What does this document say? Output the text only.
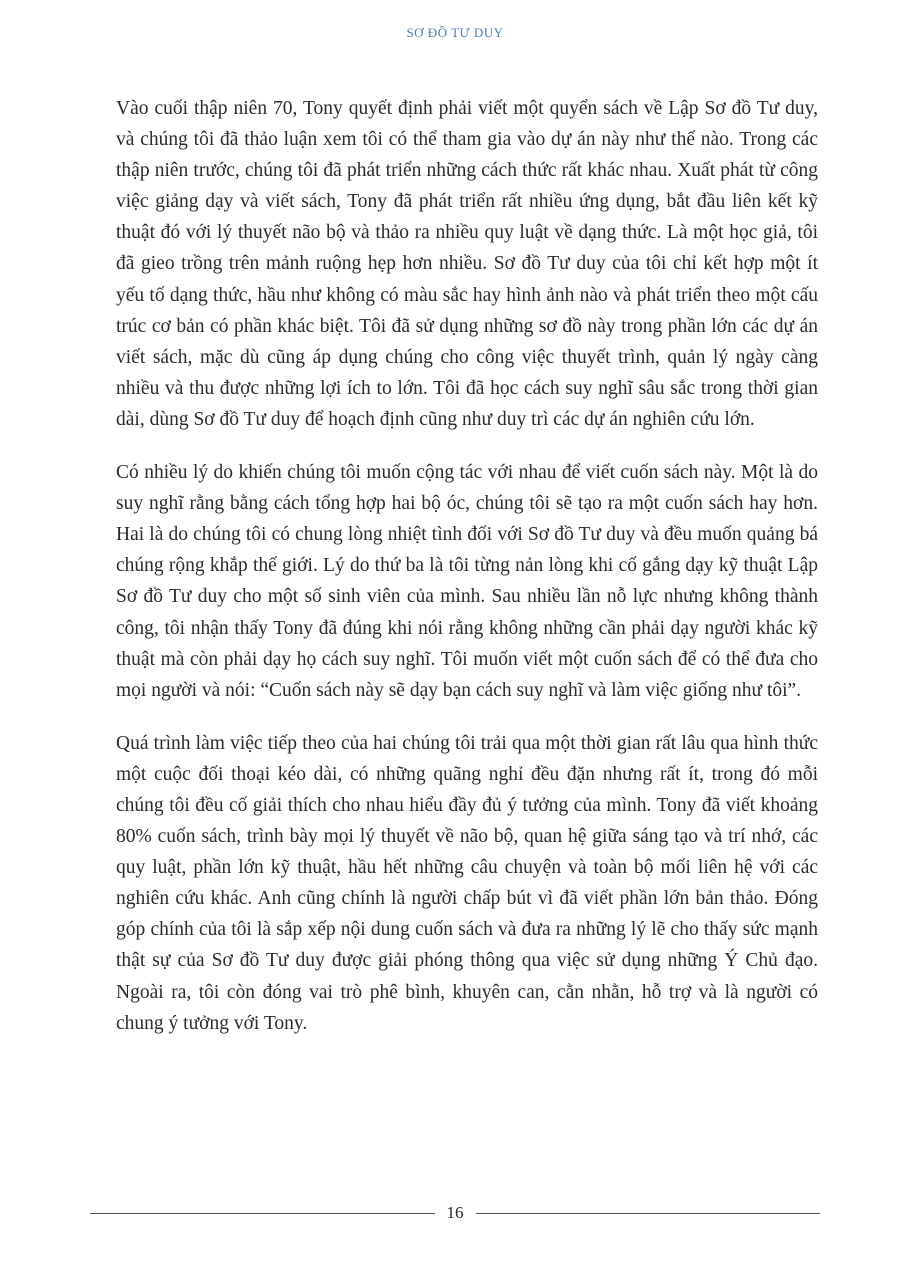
SƠ ĐỒ TƯ DUY

Vào cuối thập niên 70, Tony quyết định phải viết một quyển sách về Lập Sơ đồ Tư duy, và chúng tôi đã thảo luận xem tôi có thể tham gia vào dự án này như thế nào. Trong các thập niên trước, chúng tôi đã phát triển những cách thức rất khác nhau. Xuất phát từ công việc giảng dạy và viết sách, Tony đã phát triển rất nhiều ứng dụng, bắt đầu liên kết kỹ thuật đó với lý thuyết não bộ và thảo ra nhiều quy luật về dạng thức. Là một học giả, tôi đã gieo trồng trên mảnh ruộng hẹp hơn nhiều. Sơ đồ Tư duy của tôi chỉ kết hợp một ít yếu tố dạng thức, hầu như không có màu sắc hay hình ảnh nào và phát triển theo một cấu trúc cơ bản có phần khác biệt. Tôi đã sử dụng những sơ đồ này trong phần lớn các dự án viết sách, mặc dù cũng áp dụng chúng cho công việc thuyết trình, quản lý ngày càng nhiều và thu được những lợi ích to lớn. Tôi đã học cách suy nghĩ sâu sắc trong thời gian dài, dùng Sơ đồ Tư duy để hoạch định cũng như duy trì các dự án nghiên cứu lớn.

Có nhiều lý do khiến chúng tôi muốn cộng tác với nhau để viết cuốn sách này. Một là do suy nghĩ rằng bằng cách tổng hợp hai bộ óc, chúng tôi sẽ tạo ra một cuốn sách hay hơn. Hai là do chúng tôi có chung lòng nhiệt tình đối với Sơ đồ Tư duy và đều muốn quảng bá chúng rộng khắp thế giới. Lý do thứ ba là tôi từng nản lòng khi cố gắng dạy kỹ thuật Lập Sơ đồ Tư duy cho một số sinh viên của mình. Sau nhiều lần nỗ lực nhưng không thành công, tôi nhận thấy Tony đã đúng khi nói rằng không những cần phải dạy người khác kỹ thuật mà còn phải dạy họ cách suy nghĩ. Tôi muốn viết một cuốn sách để có thể đưa cho mọi người và nói: “Cuốn sách này sẽ dạy bạn cách suy nghĩ và làm việc giống như tôi”.

Quá trình làm việc tiếp theo của hai chúng tôi trải qua một thời gian rất lâu qua hình thức một cuộc đối thoại kéo dài, có những quãng nghỉ đều đặn nhưng rất ít, trong đó mỗi chúng tôi đều cố giải thích cho nhau hiểu đầy đủ ý tưởng của mình. Tony đã viết khoảng 80% cuốn sách, trình bày mọi lý thuyết về não bộ, quan hệ giữa sáng tạo và trí nhớ, các quy luật, phần lớn kỹ thuật, hầu hết những câu chuyện và toàn bộ mối liên hệ với các nghiên cứu khác. Anh cũng chính là người chấp bút vì đã viết phần lớn bản thảo. Đóng góp chính của tôi là sắp xếp nội dung cuốn sách và đưa ra những lý lẽ cho thấy sức mạnh thật sự của Sơ đồ Tư duy được giải phóng thông qua việc sử dụng những Ý Chủ đạo. Ngoài ra, tôi còn đóng vai trò phê bình, khuyên can, cằn nhằn, hỗ trợ và là người có chung ý tưởng với Tony.

16
